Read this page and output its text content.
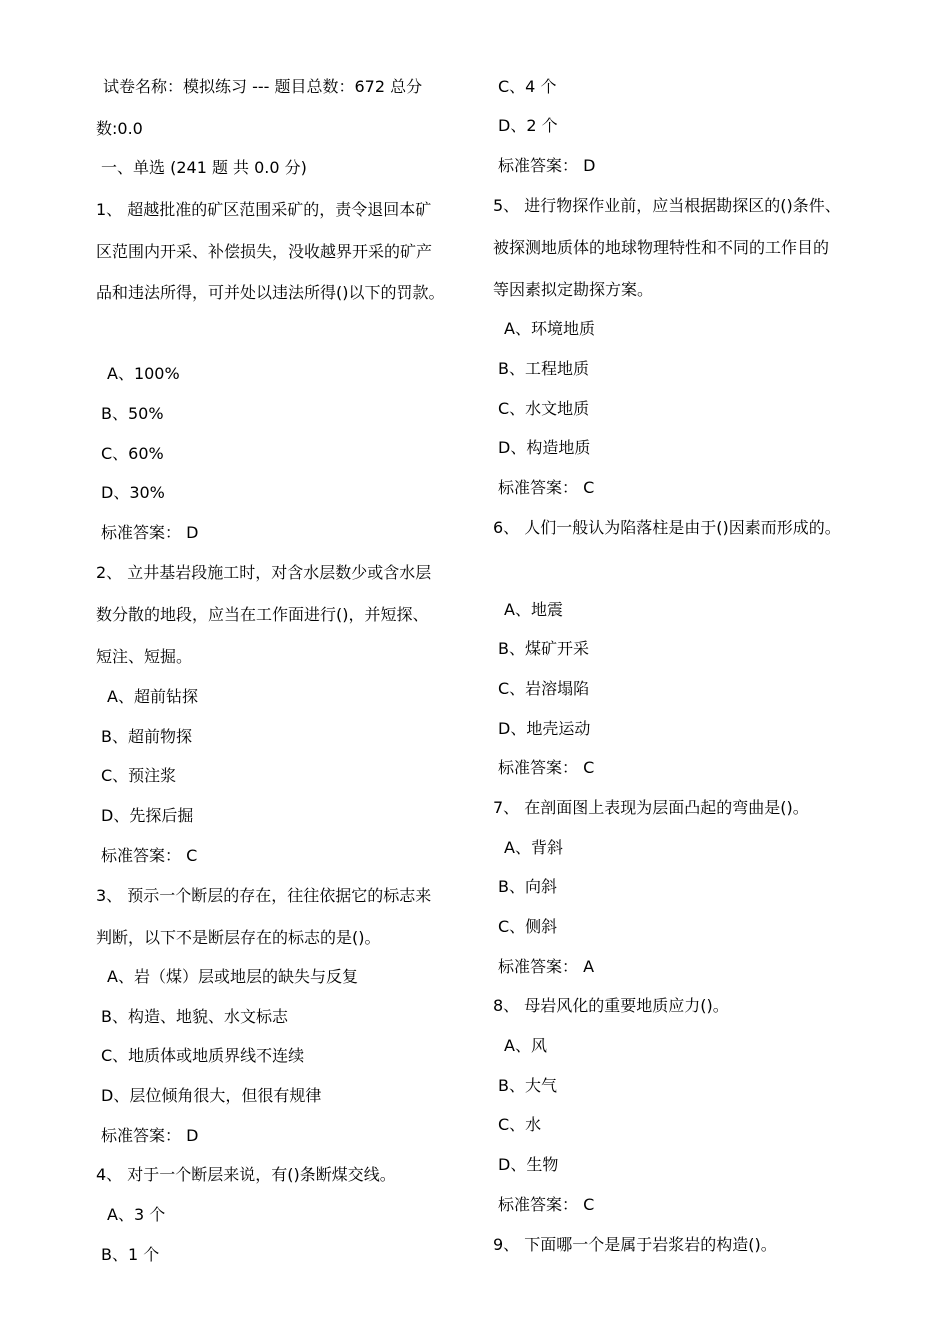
试卷名称：模拟练习 --- 题目总数：672 总分
数:0.0
一、单选 (241 题 共 0.0 分)
1、 超越批准的矿区范围采矿的，责令退回本矿
区范围内开采、补偿损失，没收越界开采的矿产
品和违法所得，可并处以违法所得()以下的罚款。
A、100%
B、50%
C、60%
D、30%
标准答案： D
2、 立井基岩段施工时，对含水层数少或含水层
数分散的地段，应当在工作面进行()，并短探、
短注、短掘。
A、超前钻探
B、超前物探
C、预注浆
D、先探后掘
标准答案： C
3、 预示一个断层的存在，往往依据它的标志来
判断，以下不是断层存在的标志的是()。
A、岩（煤）层或地层的缺失与反复
B、构造、地貌、水文标志
C、地质体或地质界线不连续
D、层位倾角很大，但很有规律
标准答案： D
4、 对于一个断层来说，有()条断煤交线。
A、3 个
B、1 个
C、4 个
D、2 个
标准答案： D
5、 进行物探作业前，应当根据勘探区的()条件、
被探测地质体的地球物理特性和不同的工作目的
等因素拟定勘探方案。
A、环境地质
B、工程地质
C、水文地质
D、构造地质
标准答案： C
6、 人们一般认为陷落柱是由于()因素而形成的。
A、地震
B、煤矿开采
C、岩溶塌陷
D、地壳运动
标准答案： C
7、 在剖面图上表现为层面凸起的弯曲是()。
A、背斜
B、向斜
C、侧斜
标准答案： A
8、 母岩风化的重要地质应力()。
A、风
B、大气
C、水
D、生物
标准答案： C
9、 下面哪一个是属于岩浆岩的构造()。
